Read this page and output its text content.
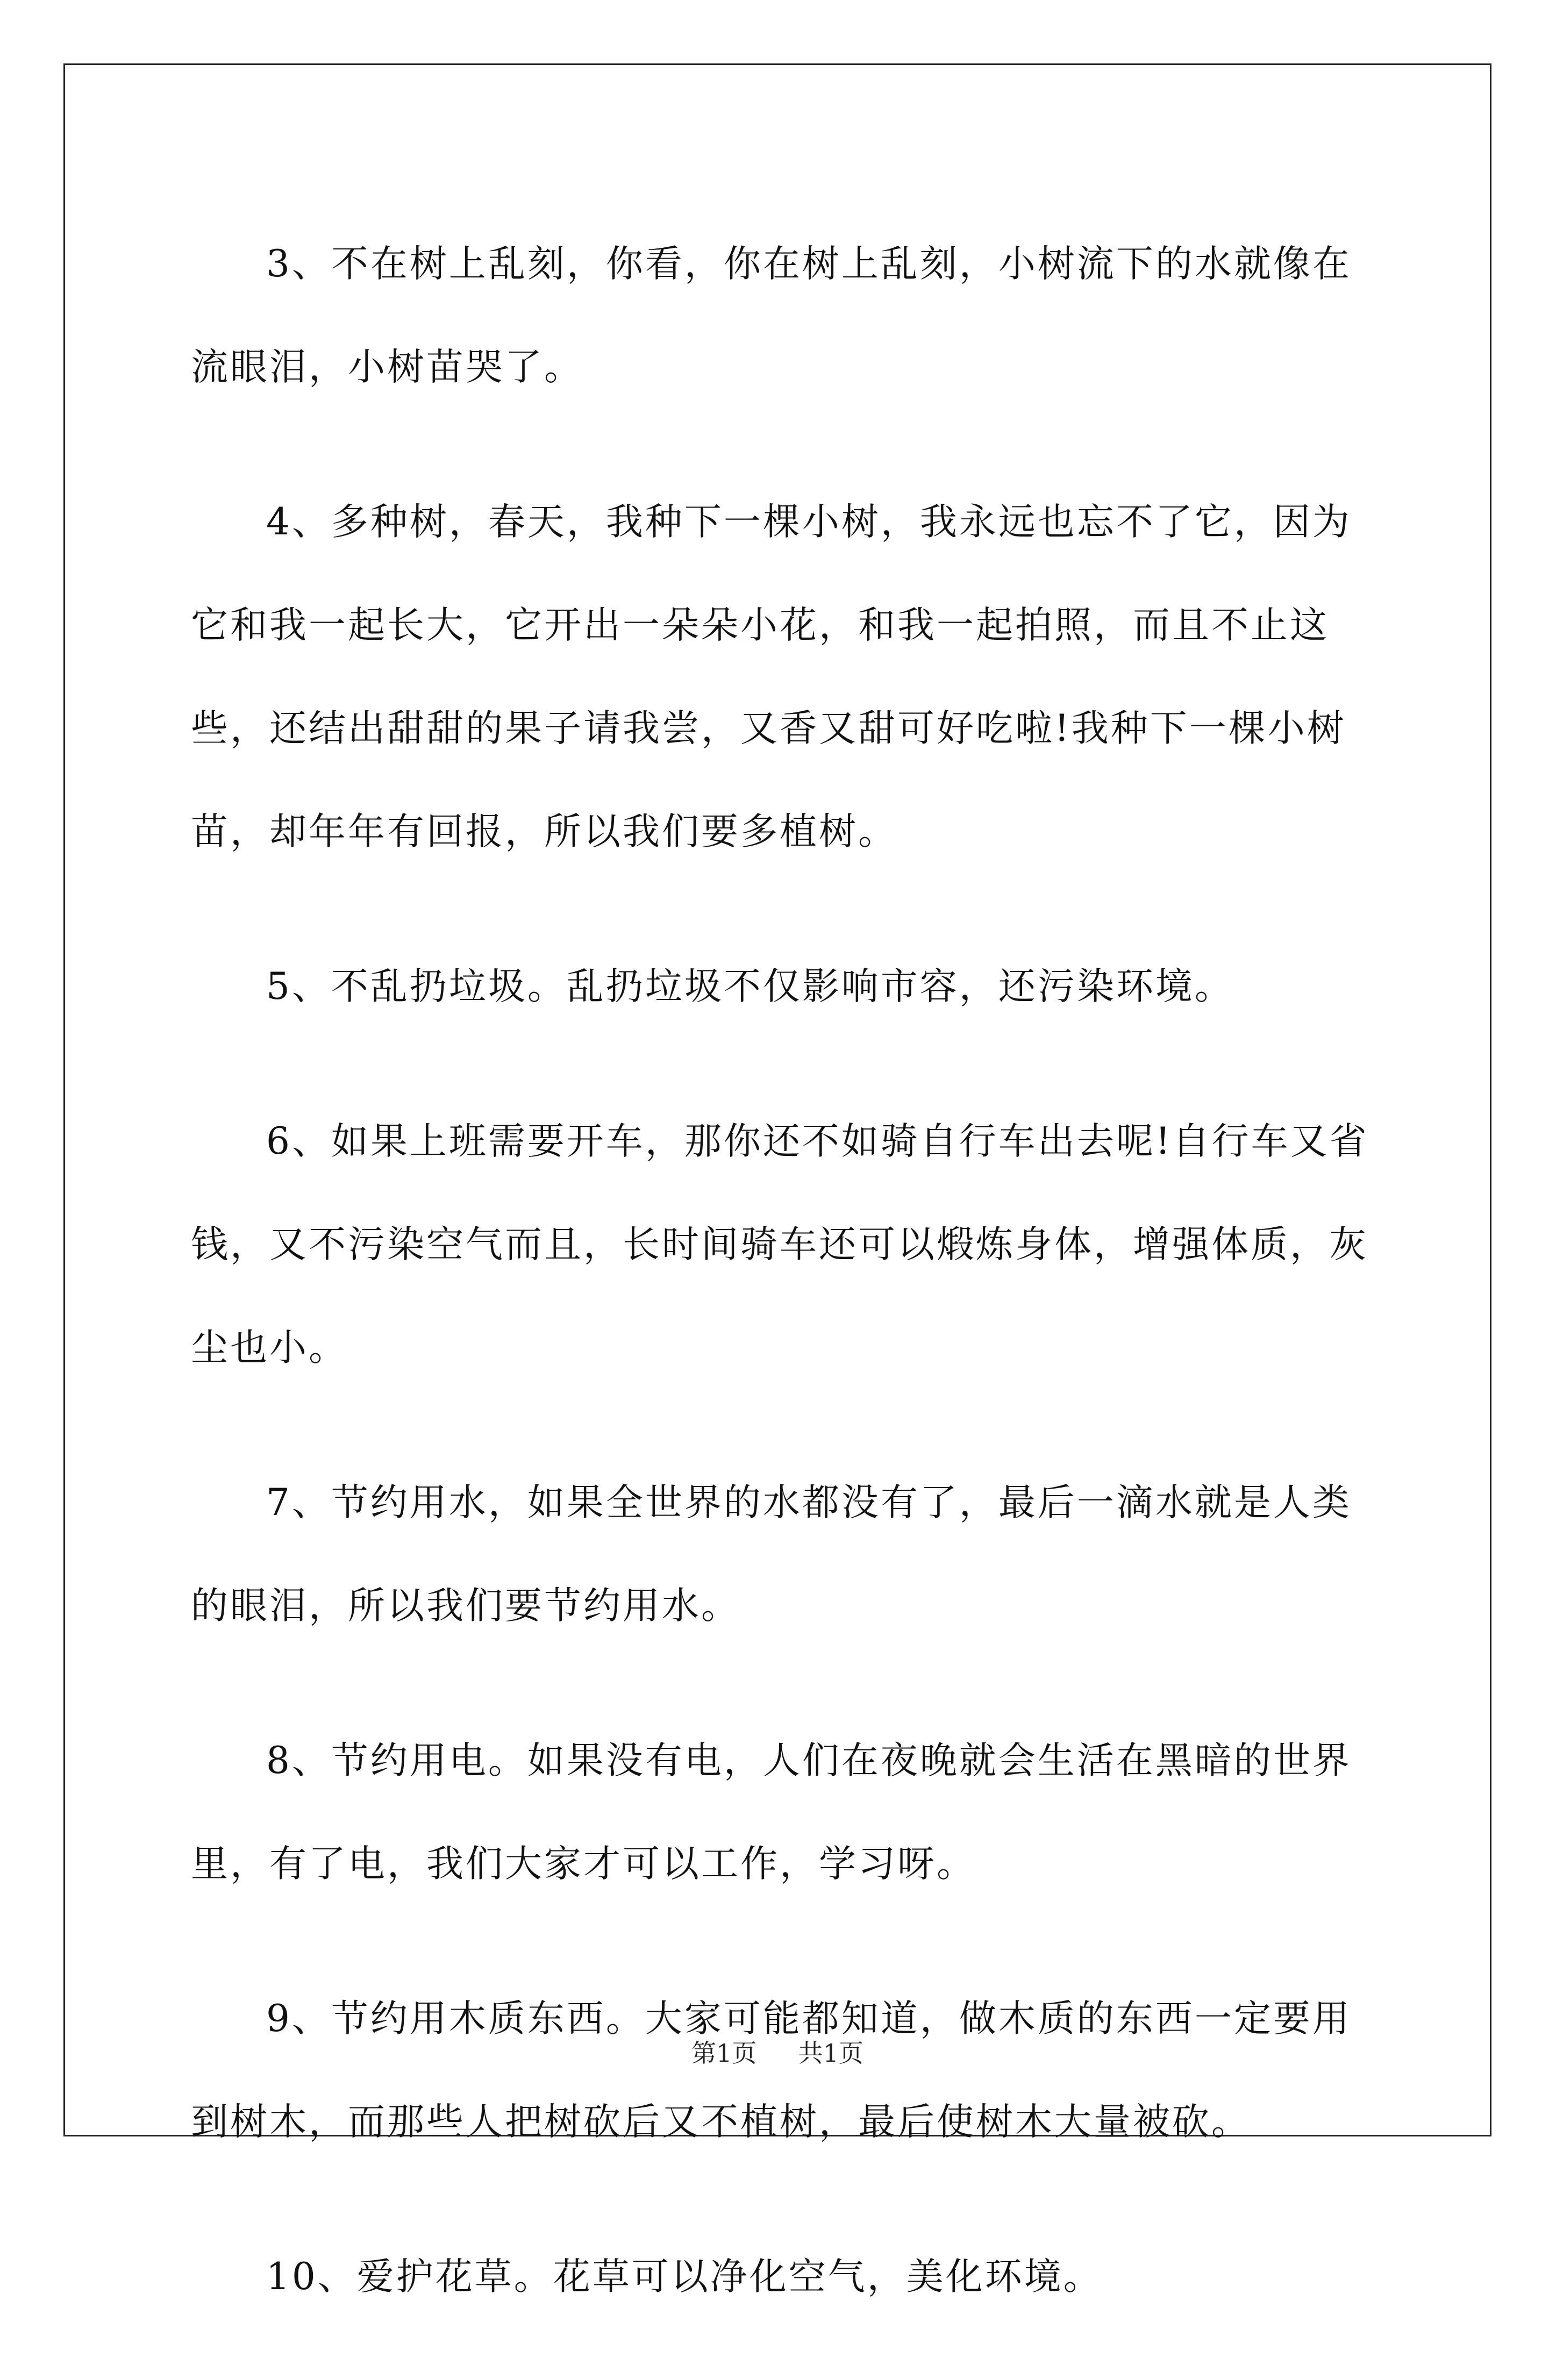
3、不在树上乱刻，你看，你在树上乱刻，小树流下的水就像在流眼泪，小树苗哭了。

4、多种树，春天，我种下一棵小树，我永远也忘不了它，因为它和我一起长大，它开出一朵朵小花，和我一起拍照，而且不止这些，还结出甜甜的果子请我尝，又香又甜可好吃啦!我种下一棵小树苗，却年年有回报，所以我们要多植树。

5、不乱扔垃圾。乱扔垃圾不仅影响市容，还污染环境。

6、如果上班需要开车，那你还不如骑自行车出去呢!自行车又省钱，又不污染空气而且，长时间骑车还可以煅炼身体，增强体质，灰尘也小。

7、节约用水，如果全世界的水都没有了，最后一滴水就是人类的眼泪，所以我们要节约用水。

8、节约用电。如果没有电，人们在夜晚就会生活在黑暗的世界里，有了电，我们大家才可以工作，学习呀。

9、节约用木质东西。大家可能都知道，做木质的东西一定要用到树木，而那些人把树砍后又不植树，最后使树木大量被砍。

10、爱护花草。花草可以净化空气，美化环境。

第1页 共1页
